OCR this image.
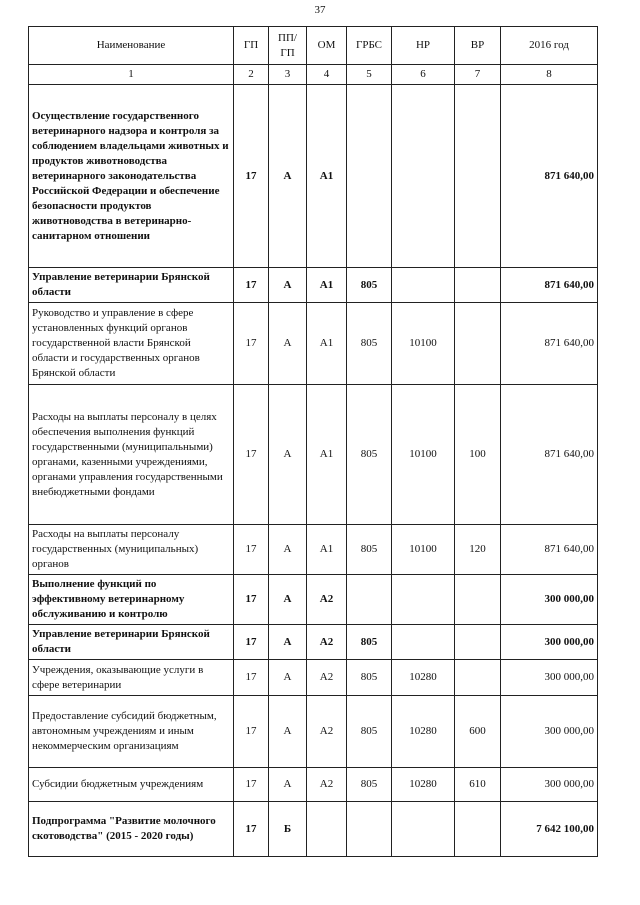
37
Наименование	ГП	ПП/ГП	ОМ	ГРБС	НР	ВР	2016 год
1	2	3	4	5	6	7	8
Осуществление государственного ветеринарного надзора и контроля за соблюдением владельцами животных и продуктов животноводства ветеринарного законодательства Российской Федерации и обеспечение безопасности продуктов животноводства в ветеринарно-санитарном отношении	17	А	А1				871 640,00
Управление ветеринарии Брянской области	17	А	А1	805			871 640,00
Руководство и управление в сфере установленных функций органов государственной власти Брянской области и государственных органов Брянской области	17	А	А1	805	10100		871 640,00
Расходы на выплаты персоналу в целях обеспечения выполнения функций государственными (муниципальными) органами, казенными учреждениями, органами управления государственными внебюджетными фондами	17	А	А1	805	10100	100	871 640,00
Расходы на выплаты персоналу государственных (муниципальных) органов	17	А	А1	805	10100	120	871 640,00
Выполнение функций по эффективному ветеринарному обслуживанию и контролю	17	А	А2				300 000,00
Управление ветеринарии Брянской области	17	А	А2	805			300 000,00
Учреждения, оказывающие услуги в сфере ветеринарии	17	А	А2	805	10280		300 000,00
Предоставление субсидий бюджетным, автономным учреждениям и иным некоммерческим организациям	17	А	А2	805	10280	600	300 000,00
Субсидии бюджетным учреждениям	17	А	А2	805	10280	610	300 000,00
Подпрограмма "Развитие молочного скотоводства" (2015 - 2020 годы)	17	Б					7 642 100,00
